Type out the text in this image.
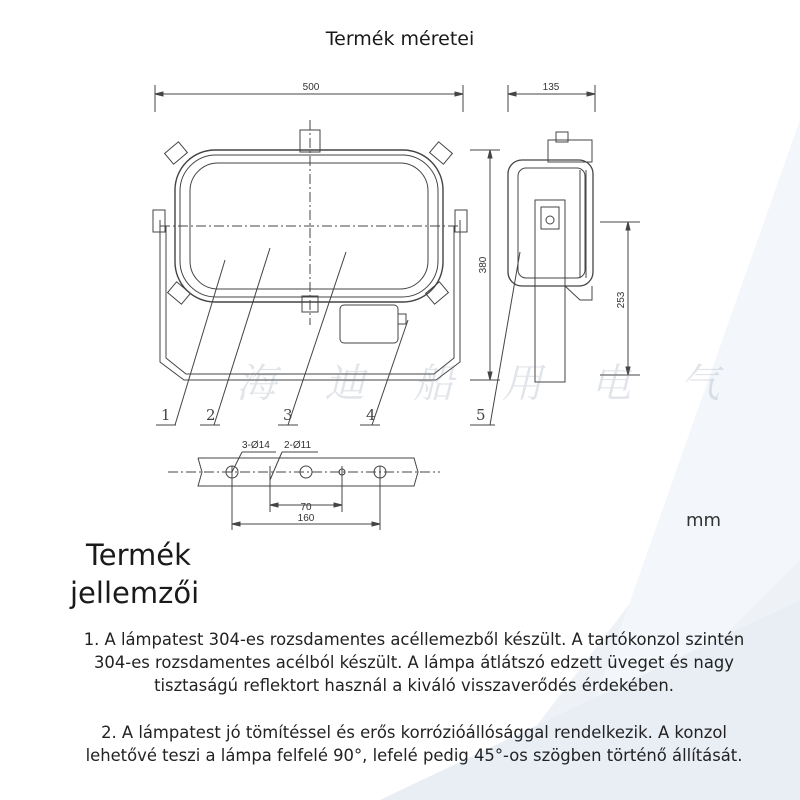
Termék méretei
500	135
380
253
3-Ø14 2-Ø11
70
160
1 2	3	4	5
海 迪 船 用 电 气
mm
Termék
jellemzői
1. A lámpatest 304-es rozsdamentes acéllemezből készült. A tartókonzol szintén
304-es rozsdamentes acélból készült. A lámpa átlátszó edzett üveget és nagy
tisztaságú reflektort használ a kiváló visszaverődés érdekében.
2. A lámpatest jó tömítéssel és erős korrózióállósággal rendelkezik. A konzol
lehetővé teszi a lámpa felfelé 90°, lefelé pedig 45°-os szögben történő állítását.
